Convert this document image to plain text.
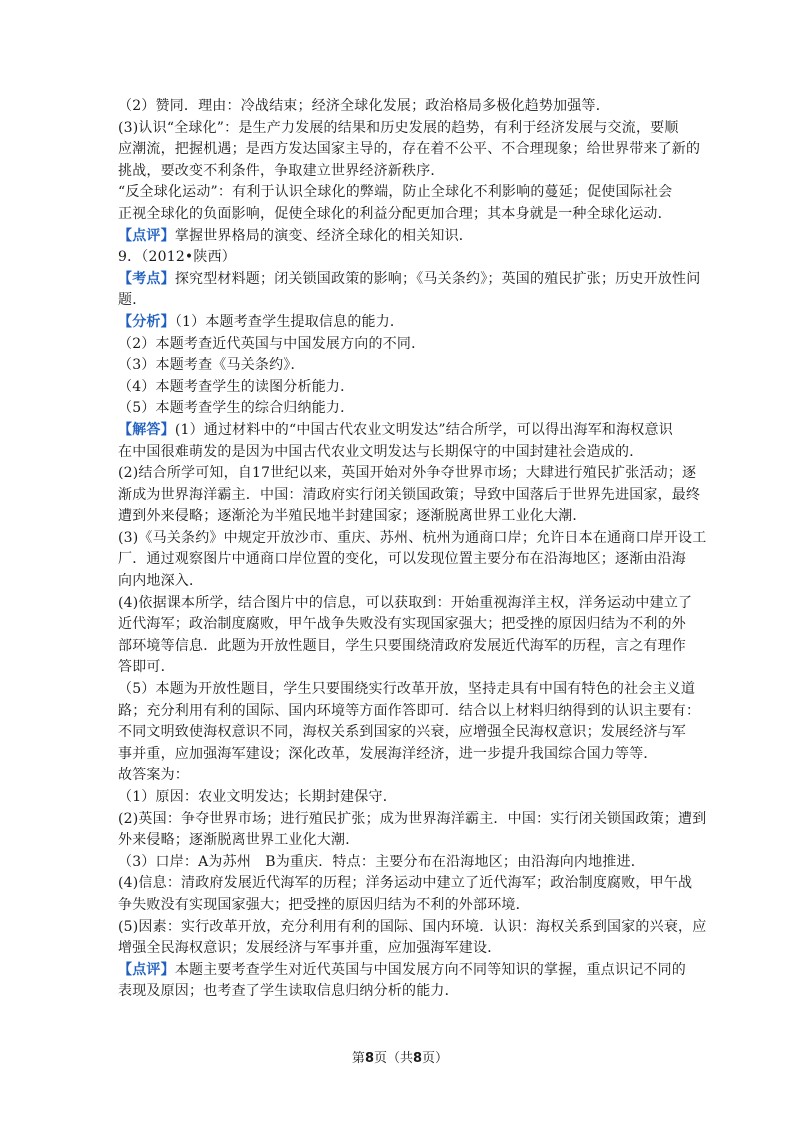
（2）赞同．理由：冷战结束；经济全球化发展；政治格局多极化趋势加强等．
(3)认识“全球化”：是生产力发展的结果和历史发展的趋势，有利于经济发展与交流，要顺
应潮流，把握机遇；是西方发达国家主导的，存在着不公平、不合理现象；给世界带来了新的
挑战，要改变不利条件，争取建立世界经济新秩序．
“反全球化运动”：有利于认识全球化的弊端，防止全球化不利影响的蔓延；促使国际社会
正视全球化的负面影响，促使全球化的利益分配更加合理；其本身就是一种全球化运动．
【点评】掌握世界格局的演变、经济全球化的相关知识．
9．（2012•陕西）
【考点】探究型材料题；闭关锁国政策的影响；《马关条约》；英国的殖民扩张；历史开放性问
题．
【分析】（1）本题考查学生提取信息的能力．
（2）本题考查近代英国与中国发展方向的不同．
（3）本题考查《马关条约》．
（4）本题考查学生的读图分析能力．
（5）本题考查学生的综合归纳能力．
【解答】(1）通过材料中的“中国古代农业文明发达”结合所学，可以得出海军和海权意识
在中国很难萌发的是因为中国古代农业文明发达与长期保守的中国封建社会造成的．
(2)结合所学可知，自17世纪以来，英国开始对外争夺世界市场；大肆进行殖民扩张活动；逐
渐成为世界海洋霸主．中国：清政府实行闭关锁国政策；导致中国落后于世界先进国家，最终
遭到外来侵略；逐渐沦为半殖民地半封建国家；逐渐脱离世界工业化大潮．
(3)《马关条约》中规定开放沙市、重庆、苏州、杭州为通商口岸；允许日本在通商口岸开设工
厂．通过观察图片中通商口岸位置的变化，可以发现位置主要分布在沿海地区；逐渐由沿海
向内地深入．
(4)依据课本所学，结合图片中的信息，可以获取到：开始重视海洋主权，洋务运动中建立了
近代海军；政治制度腐败，甲午战争失败没有实现国家强大；把受挫的原因归结为不利的外
部环境等信息．此题为开放性题目，学生只要围绕清政府发展近代海军的历程，言之有理作
答即可．
（5）本题为开放性题目，学生只要围绕实行改革开放，坚持走具有中国有特色的社会主义道
路；充分利用有利的国际、国内环境等方面作答即可．结合以上材料归纳得到的认识主要有：
不同文明致使海权意识不同，海权关系到国家的兴衰，应增强全民海权意识；发展经济与军
事并重，应加强海军建设；深化改革，发展海洋经济，进一步提升我国综合国力等等．
故答案为：
（1）原因：农业文明发达；长期封建保守．
(2)英国：争夺世界市场；进行殖民扩张；成为世界海洋霸主．中国：实行闭关锁国政策；遭到
外来侵略；逐渐脱离世界工业化大潮．
（3）口岸：A为苏州　B为重庆．特点：主要分布在沿海地区；由沿海向内地推进．
(4)信息：清政府发展近代海军的历程；洋务运动中建立了近代海军；政治制度腐败，甲午战
争失败没有实现国家强大；把受挫的原因归结为不利的外部环境．
(5)因素：实行改革开放，充分利用有利的国际、国内环境．认识：海权关系到国家的兴衰，应
增强全民海权意识；发展经济与军事并重，应加强海军建设．
【点评】本题主要考查学生对近代英国与中国发展方向不同等知识的掌握，重点识记不同的
表现及原因；也考查了学生读取信息归纳分析的能力．
第8页（共8页）
